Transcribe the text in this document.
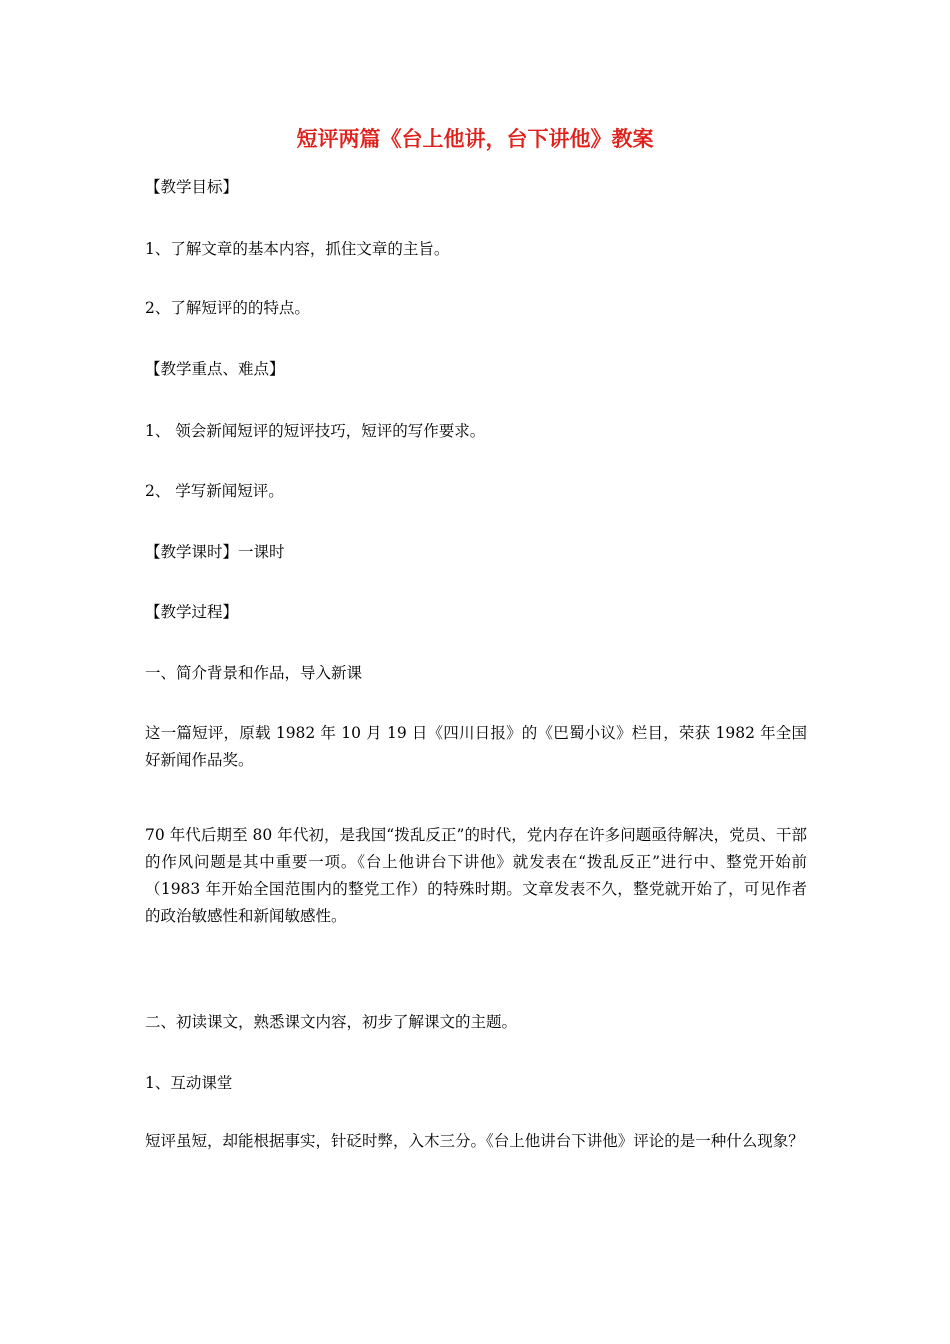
短评两篇《台上他讲，台下讲他》教案
【教学目标】
1、了解文章的基本内容，抓住文章的主旨。
2、了解短评的的特点。
【教学重点、难点】
1、 领会新闻短评的短评技巧，短评的写作要求。
2、 学写新闻短评。
【教学课时】一课时
【教学过程】
一、简介背景和作品，导入新课
这一篇短评，原载 1982 年 10 月 19 日《四川日报》的《巴蜀小议》栏目，荣获 1982 年全国好新闻作品奖。
70 年代后期至 80 年代初，是我国“拨乱反正”的时代，党内存在许多问题亟待解决，党员、干部的作风问题是其中重要一项。《台上他讲台下讲他》就发表在“拨乱反正”进行中、整党开始前（1983 年开始全国范围内的整党工作）的特殊时期。文章发表不久，整党就开始了，可见作者的政治敏感性和新闻敏感性。
二、初读课文，熟悉课文内容，初步了解课文的主题。
1、互动课堂
短评虽短，却能根据事实，针砭时弊，入木三分。《台上他讲台下讲他》评论的是一种什么现象？
